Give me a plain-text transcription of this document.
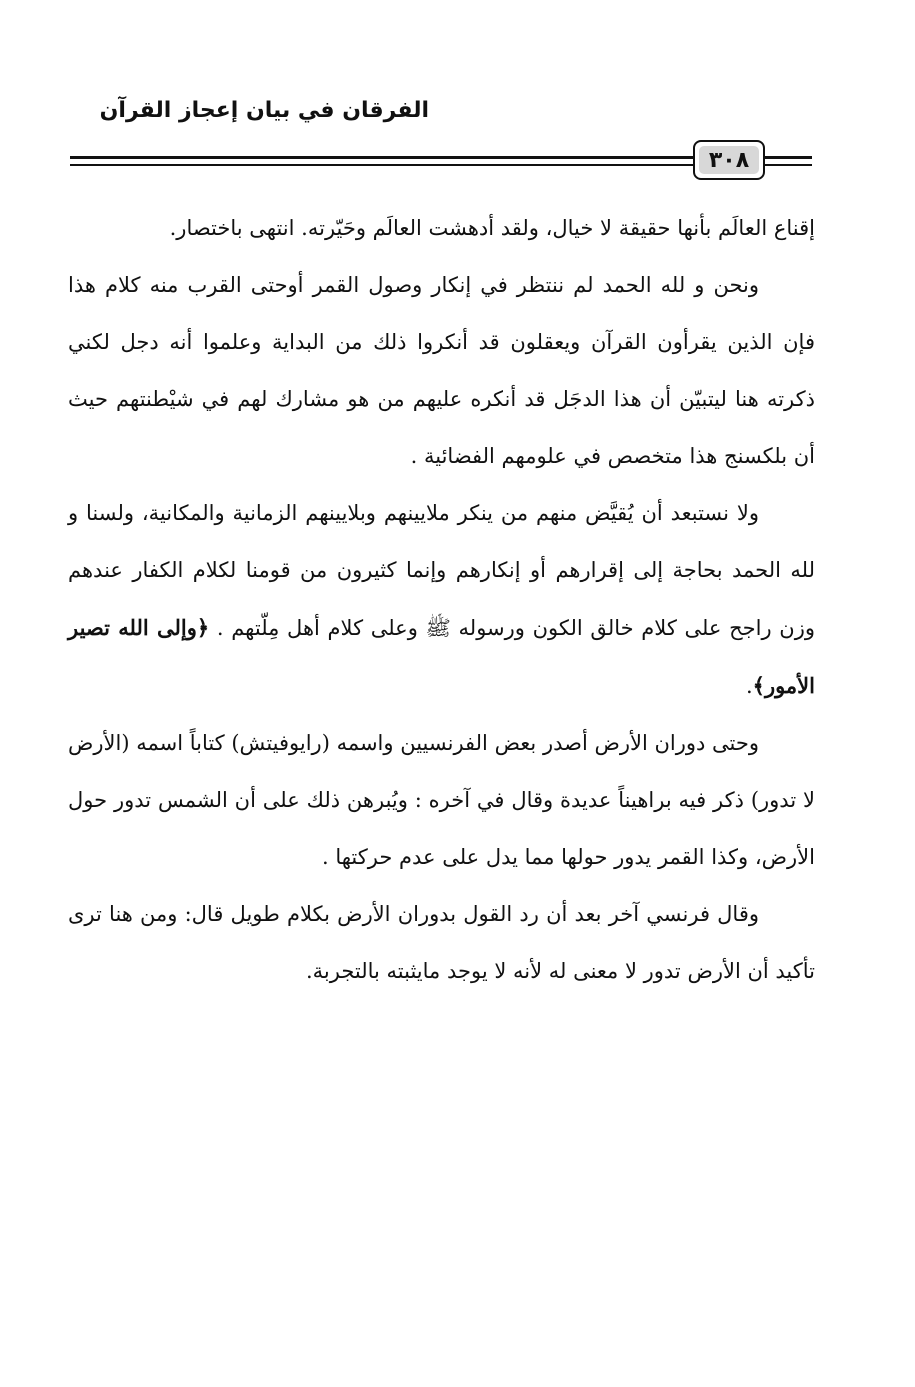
الفرقان في بيان إعجاز القرآن
٣٠٨

إقناع العالَم بأنها حقيقة لا خيال، ولقد أدهشت العالَم وحَيّرته. انتهى باختصار.

ونحن و لله الحمد لم ننتظر في إنكار وصول القمر أوحتى القرب منه كلام هذا فإن الذين يقرأون القرآن ويعقلون قد أنكروا ذلك من البداية وعلموا أنه دجل لكني ذكرته هنا ليتبيّن أن هذا الدجَل قد أنكره عليهم من هو مشارك لهم في شيْطنتهم حيث أن بلكسنج هذا متخصص في علومهم الفضائية .

ولا نستبعد أن يُقيَّض منهم من ينكر ملايينهم وبلايينهم الزمانية والمكانية، ولسنا و لله الحمد بحاجة إلى إقرارهم أو إنكارهم وإنما كثيرون من قومنا لكلام الكفار عندهم وزن راجح على كلام خالق الكون ورسوله ﷺ وعلى كلام أهل مِلّتهم . ﴿وإلى الله تصير الأمور﴾.

وحتى دوران الأرض أصدر بعض الفرنسيين واسمه (رايوفيتش) كتاباً اسمه (الأرض لا تدور) ذكر فيه براهيناً عديدة وقال في آخره : ويُبرهن ذلك على أن الشمس تدور حول الأرض، وكذا القمر يدور حولها مما يدل على عدم حركتها .

وقال فرنسي آخر بعد أن رد القول بدوران الأرض بكلام طويل قال: ومن هنا ترى تأكيد أن الأرض تدور لا معنى له لأنه لا يوجد مايثبته بالتجربة.
